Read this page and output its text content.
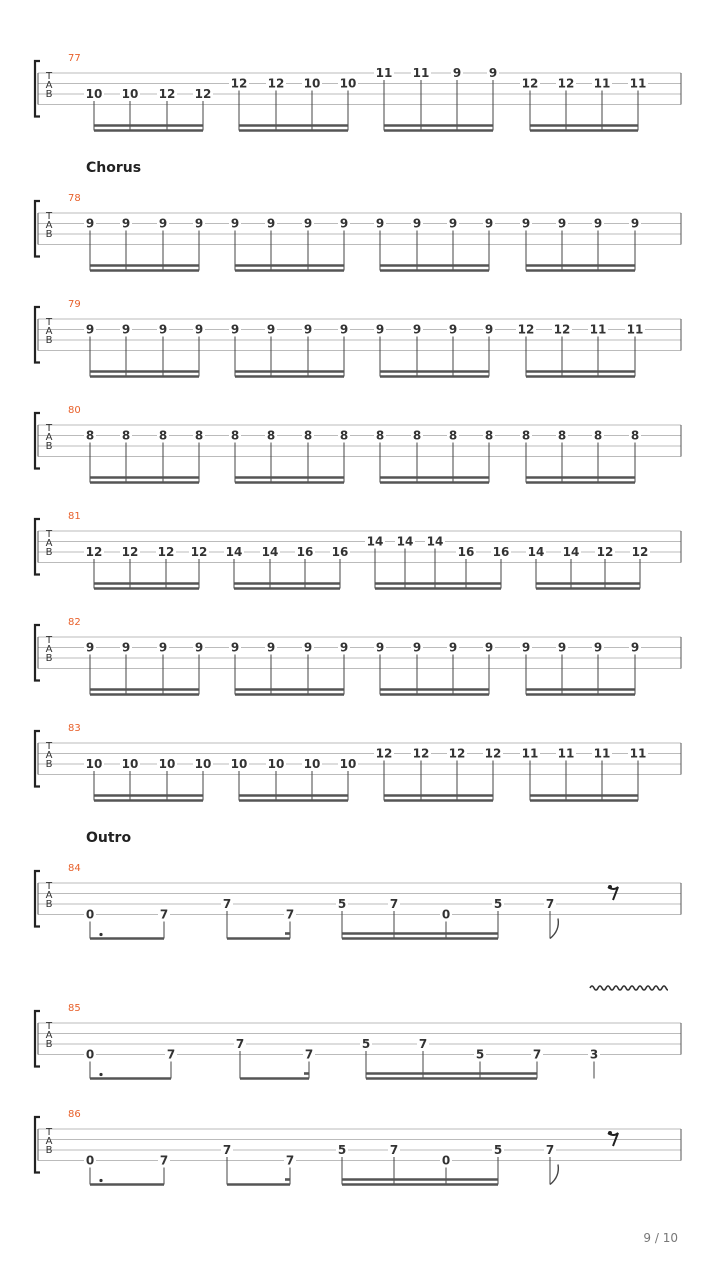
9 / 10
T
A
B
77
10 10 12 12
12 12 10 10
11 11 9 9
12 12 11 11
T
A
B
78
9 9 9 9 9 9 9 9 9 9 9 9 9 9 9 9
Chorus
T
A
B
79
9 9 9 9 9 9 9 9 9 9 9 9 12 12 11 11
T
A
B
80
8 8 8 8 8 8 8 8 8 8 8 8 8 8 8 8
T
A
B
81
12 12 12 12 14 14 16 16
14 14 14
16 16 14 14 12 12
T
A
B
82
9 9 9 9 9 9 9 9 9 9 9 9 9 9 9 9
T
A
B
83
10 10 10 10 10 10 10 10
12 12 12 12 11 11 11 11
T
A
B
84
0	7
7
7
5	7
0
5	7
Outro
T
A
B
85
0	7
7
7
5	7
5	7	3
T
A
B
86
0	7
7
7
5	7
0
5	7
